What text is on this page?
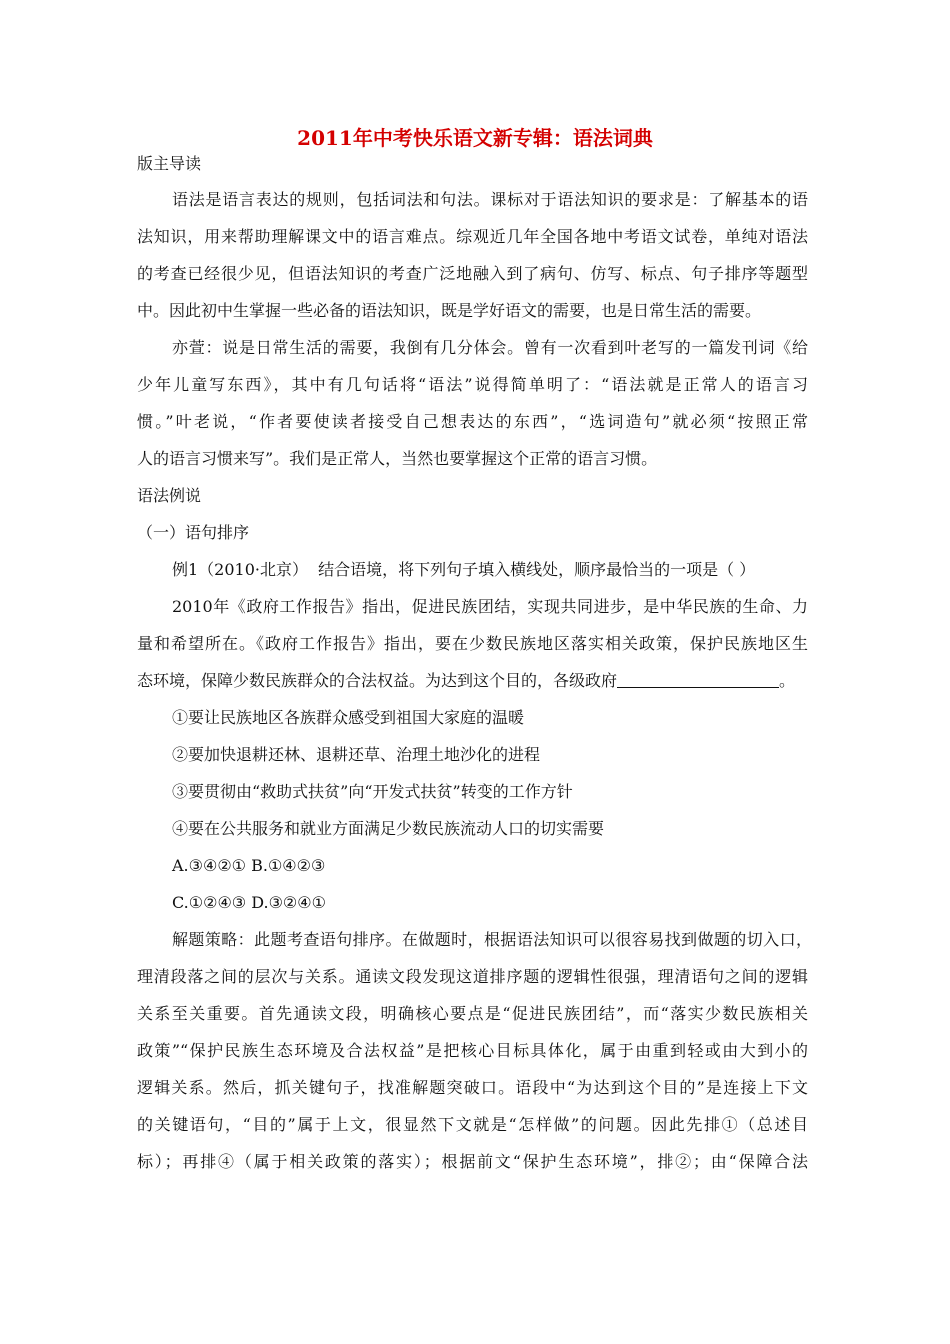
2011年中考快乐语文新专辑：语法词典
版主导读
语法是语言表达的规则，包括词法和句法。课标对于语法知识的要求是：了解基本的语
法知识，用来帮助理解课文中的语言难点。综观近几年全国各地中考语文试卷，单纯对语法
的考查已经很少见，但语法知识的考查广泛地融入到了病句、仿写、标点、句子排序等题型
中。因此初中生掌握一些必备的语法知识，既是学好语文的需要，也是日常生活的需要。
亦萱：说是日常生活的需要，我倒有几分体会。曾有一次看到叶老写的一篇发刊词《给
少年儿童写东西》，其中有几句话将“语法”说得简单明了：“语法就是正常人的语言习
惯。”叶老说，“作者要使读者接受自己想表达的东西”，“选词造句”就必须“按照正常
人的语言习惯来写”。我们是正常人，当然也要掌握这个正常的语言习惯。
语法例说
（一）语句排序
例1（2010·北京）  结合语境，将下列句子填入横线处，顺序最恰当的一项是（ ）
2010年《政府工作报告》指出，促进民族团结，实现共同进步，是中华民族的生命、力
量和希望所在。《政府工作报告》指出，要在少数民族地区落实相关政策，保护民族地区生
态环境，保障少数民族群众的合法权益。为达到这个目的，各级政府	。
①要让民族地区各族群众感受到祖国大家庭的温暖
②要加快退耕还林、退耕还草、治理土地沙化的进程
③要贯彻由“救助式扶贫”向“开发式扶贫”转变的工作方针
④要在公共服务和就业方面满足少数民族流动人口的切实需要
A.③④②① B.①④②③
C.①②④③ D.③②④①
解题策略：此题考查语句排序。在做题时，根据语法知识可以很容易找到做题的切入口，
理清段落之间的层次与关系。通读文段发现这道排序题的逻辑性很强，理清语句之间的逻辑
关系至关重要。首先通读文段，明确核心要点是“促进民族团结”，而“落实少数民族相关
政策”“保护民族生态环境及合法权益”是把核心目标具体化，属于由重到轻或由大到小的
逻辑关系。然后，抓关键句子，找准解题突破口。语段中“为达到这个目的”是连接上下文
的关键语句，“目的”属于上文，很显然下文就是“怎样做”的问题。因此先排①（总述目
标）；再排④（属于相关政策的落实）；根据前文“保护生态环境”，排②；由“保障合法
